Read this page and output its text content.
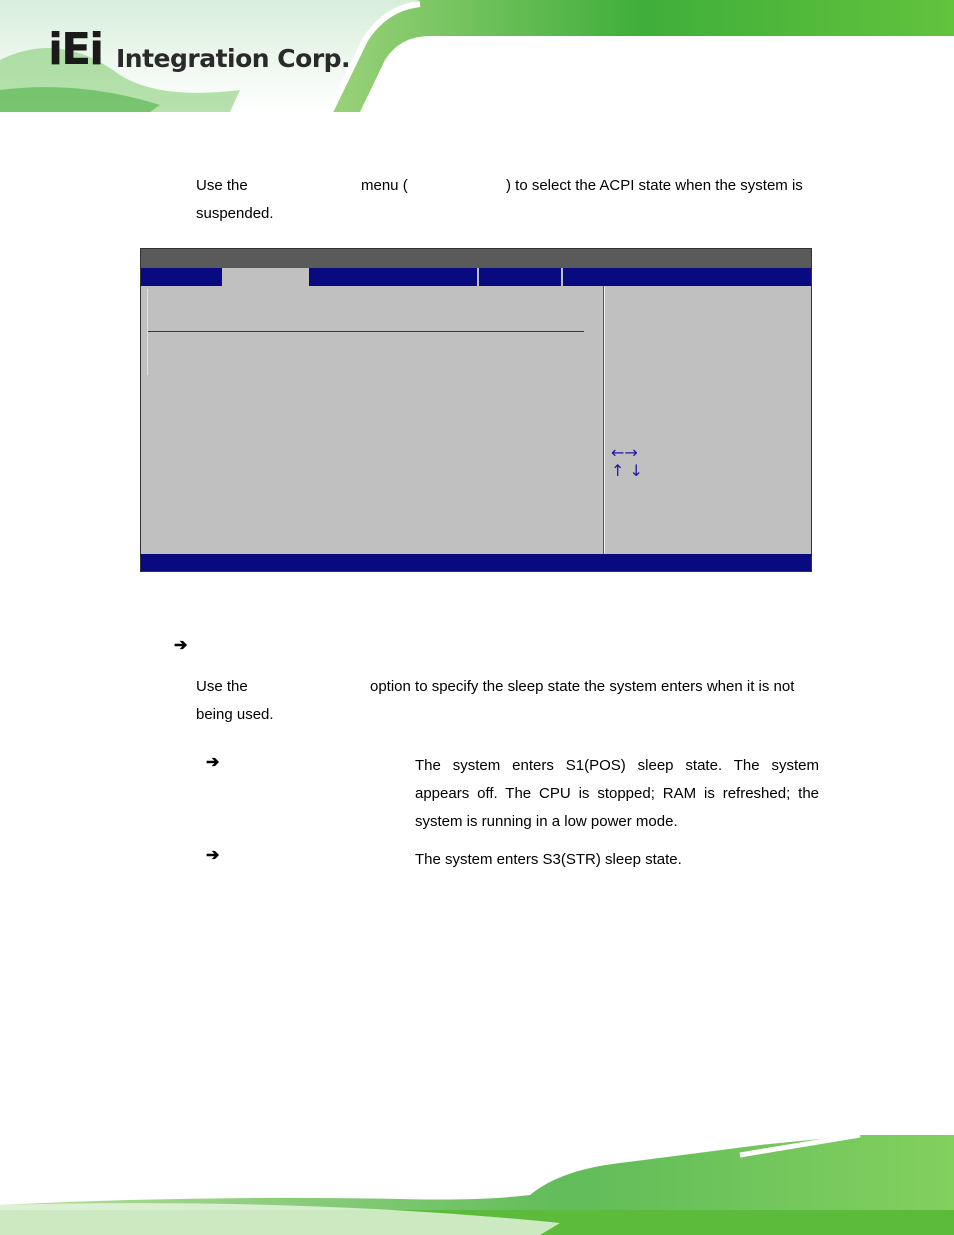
iEi Integration Corp.
Use the	menu (	) to select the ACPI state when the system is
suspended.
←→
↑ ↓
➔
Use the	option to specify the sleep state the system enters when it is not
being used.
➔	The system enters S1(POS) sleep state. The system
appears off. The CPU is stopped; RAM is refreshed; the
system is running in a low power mode.
➔	The system enters S3(STR) sleep state.
